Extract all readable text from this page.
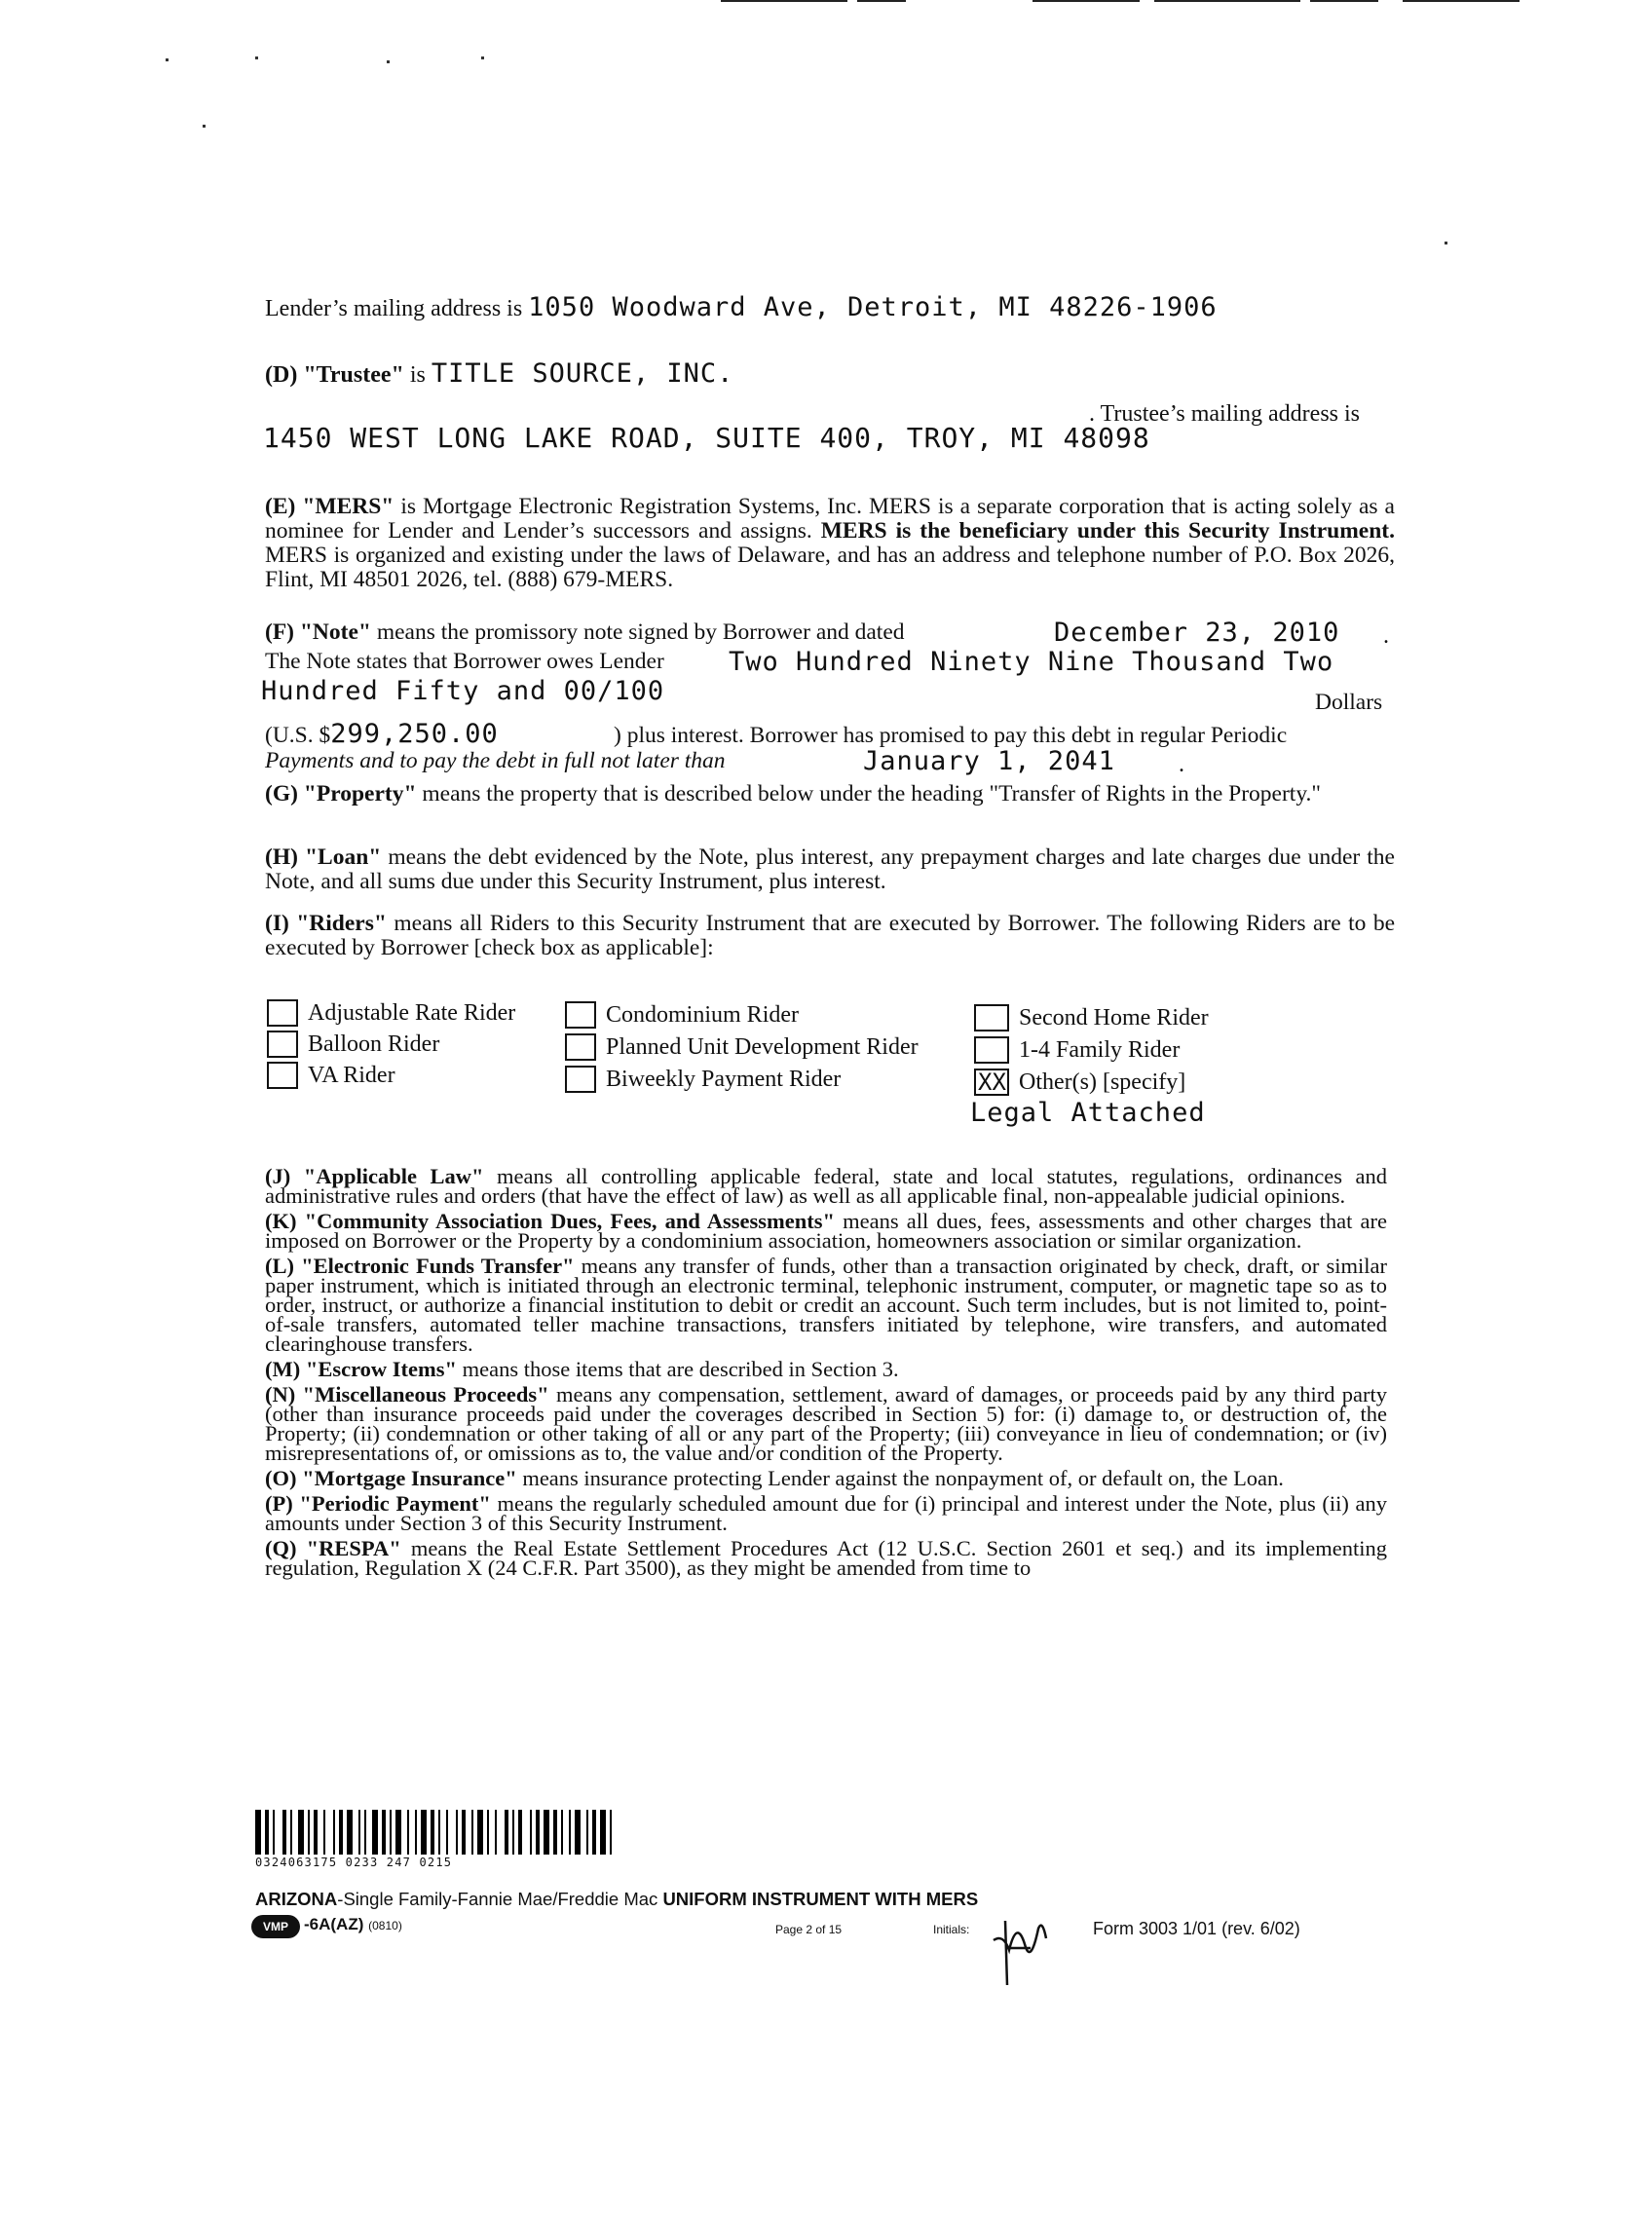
Lender’s mailing address is 1050 Woodward Ave, Detroit, MI 48226-1906
(D) "Trustee" is TITLE SOURCE, INC.
. Trustee’s mailing address is
1450 WEST LONG LAKE ROAD, SUITE 400, TROY, MI 48098
(E) "MERS" is Mortgage Electronic Registration Systems, Inc. MERS is a separate corporation that is acting solely as a nominee for Lender and Lender’s successors and assigns. MERS is the beneficiary under this Security Instrument. MERS is organized and existing under the laws of Delaware, and has an address and telephone number of P.O. Box 2026, Flint, MI 48501 2026, tel. (888) 679-MERS.
(F) "Note" means the promissory note signed by Borrower and dated	December 23, 2010 .
The Note states that Borrower owes Lender Two Hundred Ninety Nine Thousand Two
Hundred Fifty and 00/100	Dollars
(U.S. $299,250.00	) plus interest. Borrower has promised to pay this debt in regular Periodic
Payments and to pay the debt in full not later than	January 1, 2041	.
(G) "Property" means the property that is described below under the heading "Transfer of Rights in the Property."
(H) "Loan" means the debt evidenced by the Note, plus interest, any prepayment charges and late charges due under the Note, and all sums due under this Security Instrument, plus interest.
(I) "Riders" means all Riders to this Security Instrument that are executed by Borrower. The following Riders are to be executed by Borrower [check box as applicable]:
Adjustable Rate Rider
Balloon Rider
VA Rider
Condominium Rider
Planned Unit Development Rider
Biweekly Payment Rider
Second Home Rider
1-4 Family Rider
XX Other(s) [specify]
Legal Attached
(J) "Applicable Law" means all controlling applicable federal, state and local statutes, regulations, ordinances and administrative rules and orders (that have the effect of law) as well as all applicable final, non-appealable judicial opinions.
(K) "Community Association Dues, Fees, and Assessments" means all dues, fees, assessments and other charges that are imposed on Borrower or the Property by a condominium association, homeowners association or similar organization.
(L) "Electronic Funds Transfer" means any transfer of funds, other than a transaction originated by check, draft, or similar paper instrument, which is initiated through an electronic terminal, telephonic instrument, computer, or magnetic tape so as to order, instruct, or authorize a financial institution to debit or credit an account. Such term includes, but is not limited to, point-of-sale transfers, automated teller machine transactions, transfers initiated by telephone, wire transfers, and automated clearinghouse transfers.
(M) "Escrow Items" means those items that are described in Section 3.
(N) "Miscellaneous Proceeds" means any compensation, settlement, award of damages, or proceeds paid by any third party (other than insurance proceeds paid under the coverages described in Section 5) for: (i) damage to, or destruction of, the Property; (ii) condemnation or other taking of all or any part of the Property; (iii) conveyance in lieu of condemnation; or (iv) misrepresentations of, or omissions as to, the value and/or condition of the Property.
(O) "Mortgage Insurance" means insurance protecting Lender against the nonpayment of, or default on, the Loan.
(P) "Periodic Payment" means the regularly scheduled amount due for (i) principal and interest under the Note, plus (ii) any amounts under Section 3 of this Security Instrument.
(Q) "RESPA" means the Real Estate Settlement Procedures Act (12 U.S.C. Section 2601 et seq.) and its implementing regulation, Regulation X (24 C.F.R. Part 3500), as they might be amended from time to
0324063175 0233 247 0215
ARIZONA-Single Family-Fannie Mae/Freddie Mac UNIFORM INSTRUMENT WITH MERS
VMP -6A(AZ) (0810)	Page 2 of 15	Initials:	Form 3003 1/01 (rev. 6/02)
